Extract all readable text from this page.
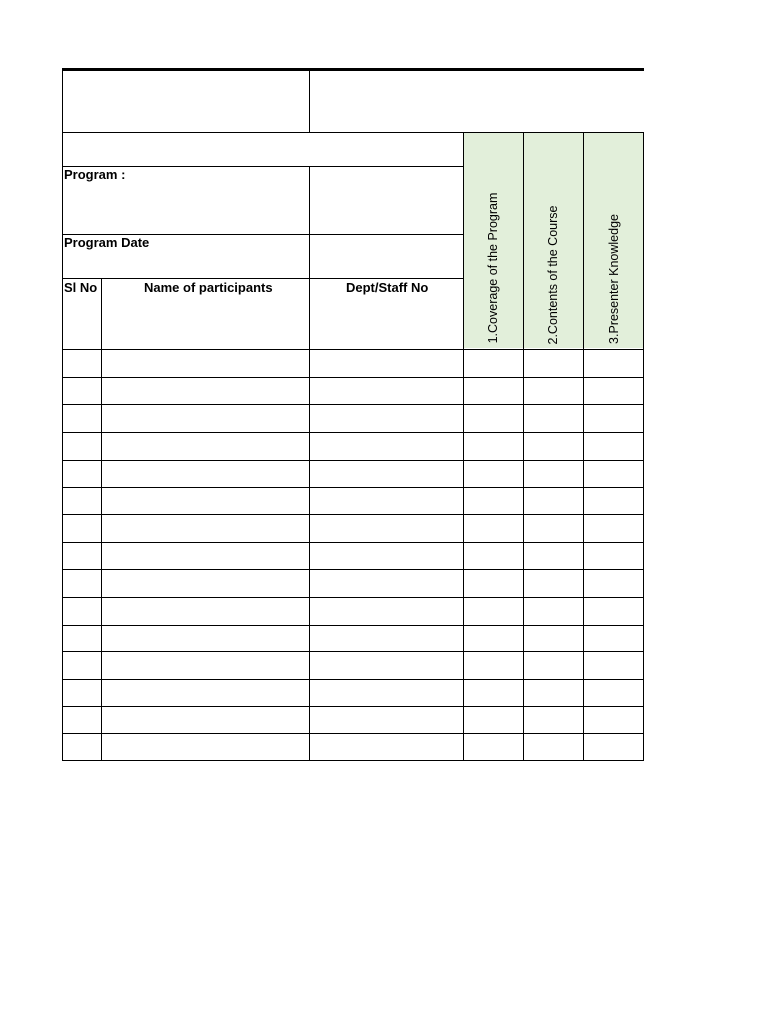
Program :
Program Date
Sl No	Name of participants	Dept/Staff No	1.Coverage of the Program	2.Contents of the Course	3.Presenter Knowledge
